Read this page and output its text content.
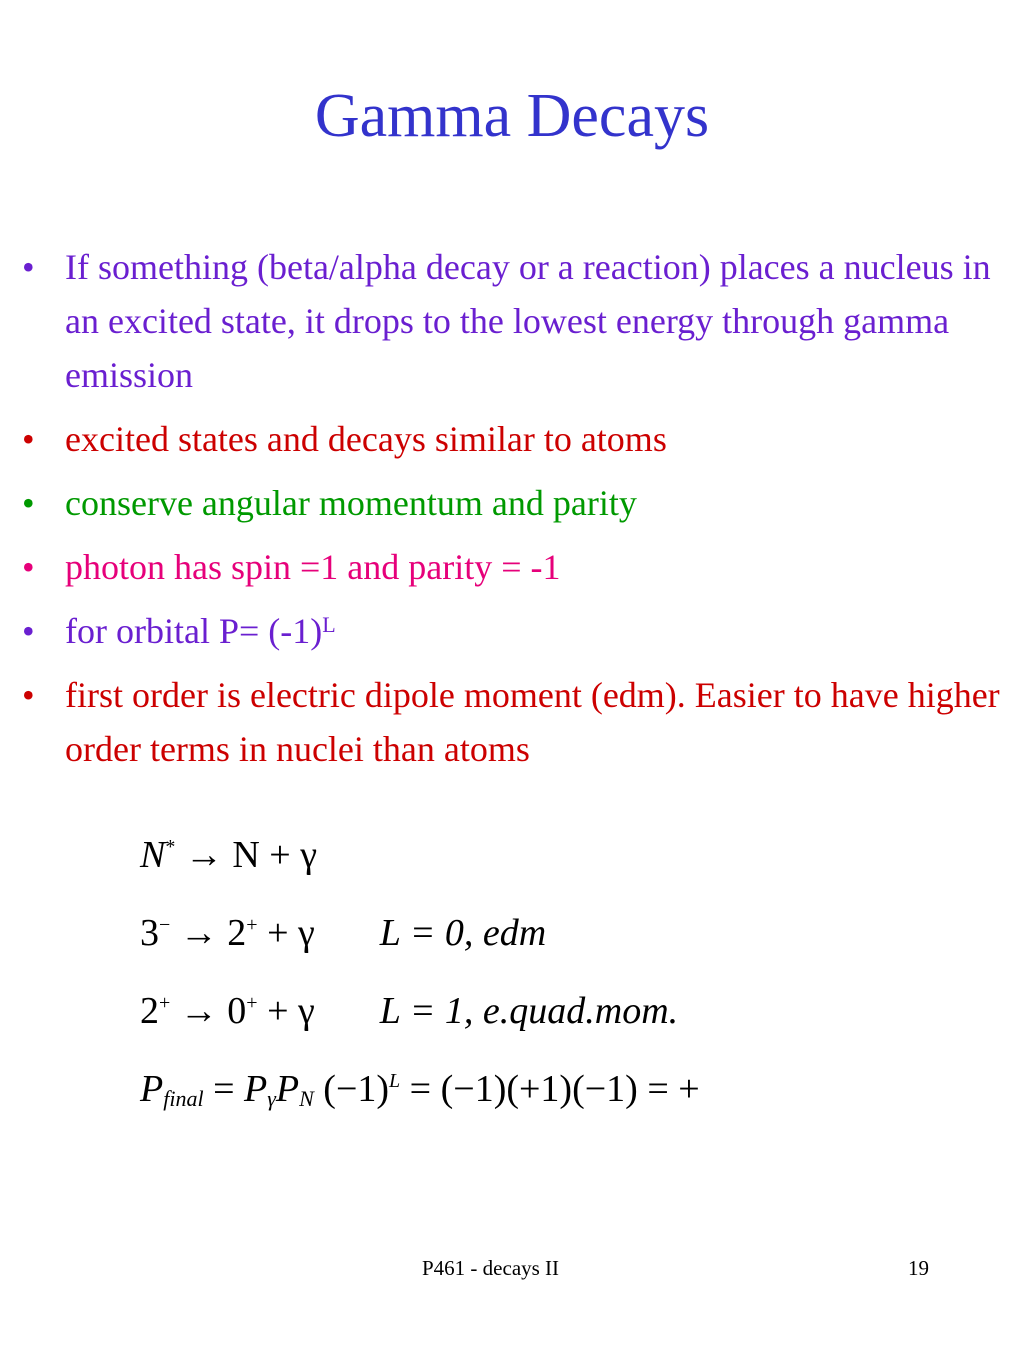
Gamma Decays
• If something (beta/alpha decay or a reaction) places a nucleus in an excited state, it drops to the lowest energy through gamma emission
• excited states and decays similar to atoms
• conserve angular momentum and parity
• photon has spin =1 and parity = -1
• for orbital $P= (-1)^L$
• first order is electric dipole moment (edm). Easier to have higher order terms in nuclei than atoms
N* → N + γ
3− → 2+ + γ L = 0, edm
2+ → 0+ + γ L = 1, e.quad.mom.
$P_{final} = P_\gamma P_N$ $(-1)^L = (-1)(+1)(-1)$ = +
P461 - decays II	19
